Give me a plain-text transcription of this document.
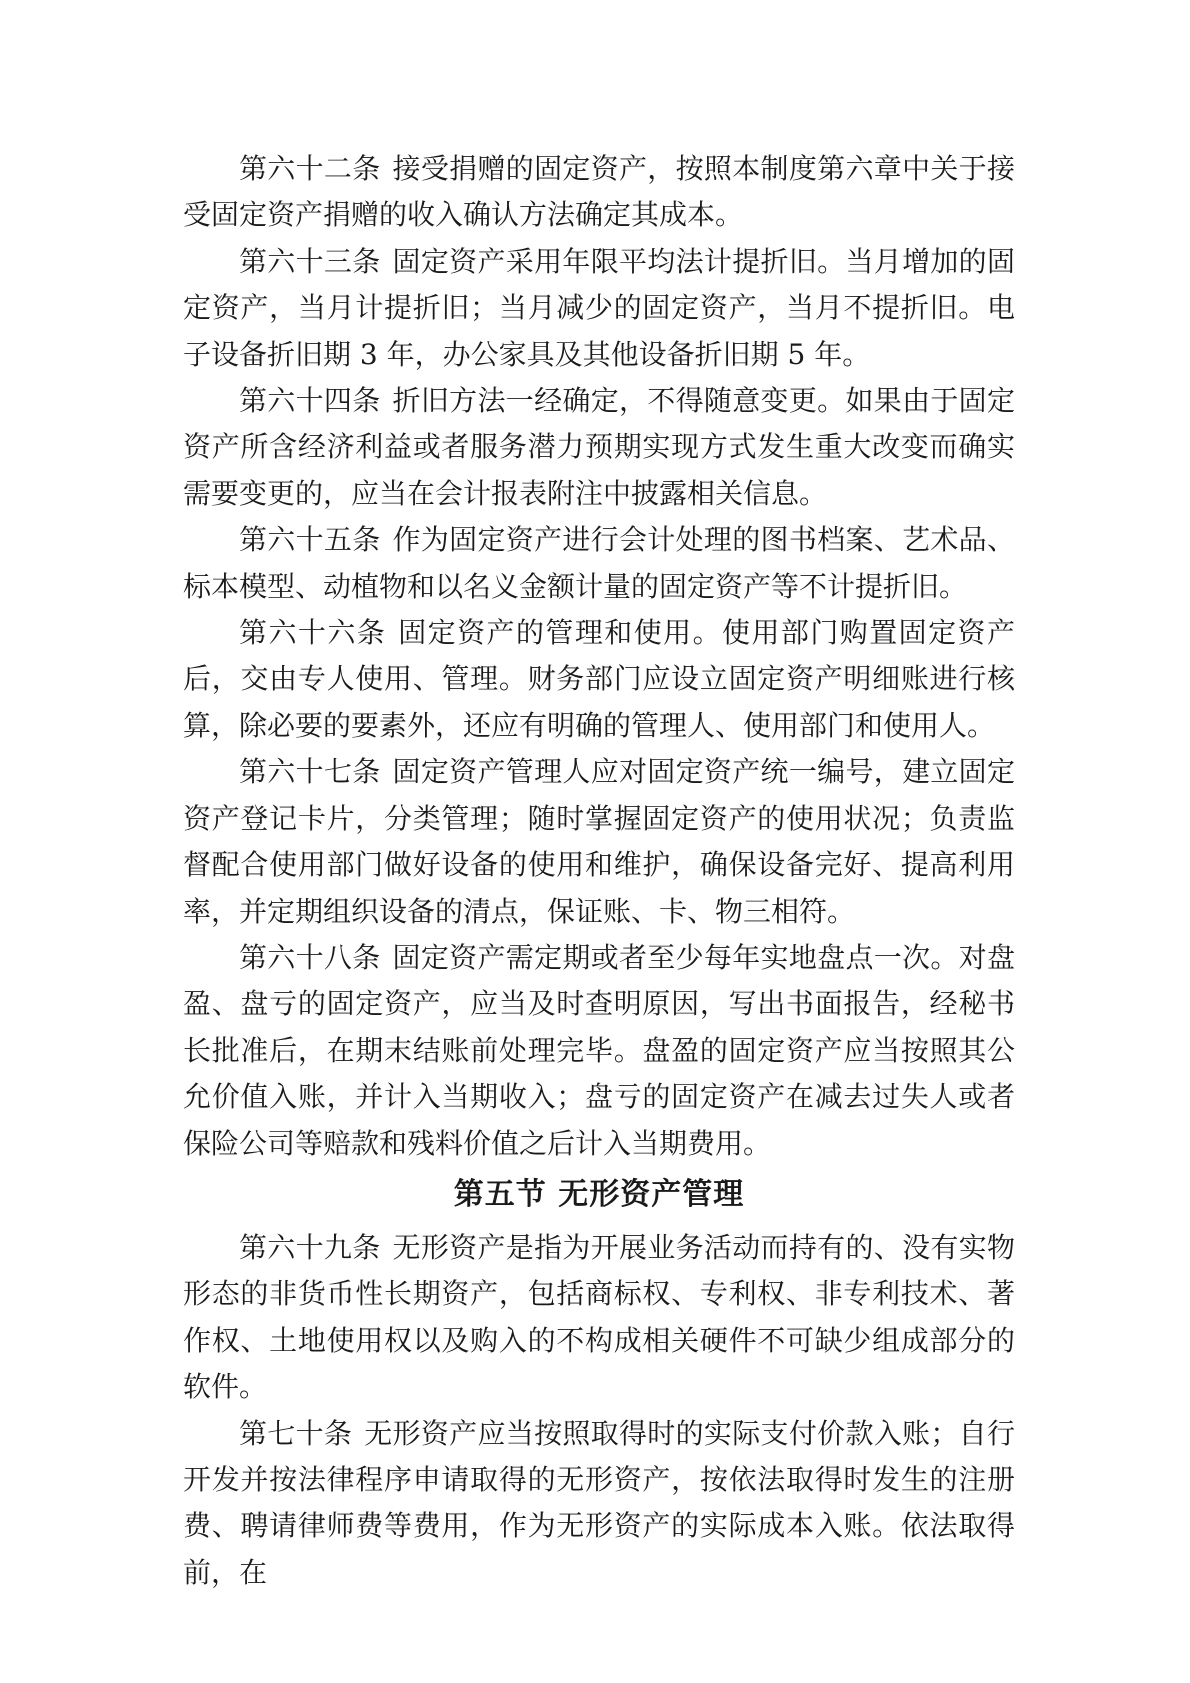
第六十二条 接受捐赠的固定资产，按照本制度第六章中关于接受固定资产捐赠的收入确认方法确定其成本。

第六十三条 固定资产采用年限平均法计提折旧。当月增加的固定资产，当月计提折旧；当月减少的固定资产，当月不提折旧。电子设备折旧期 3 年，办公家具及其他设备折旧期 5 年。

第六十四条 折旧方法一经确定，不得随意变更。如果由于固定资产所含经济利益或者服务潜力预期实现方式发生重大改变而确实需要变更的，应当在会计报表附注中披露相关信息。

第六十五条 作为固定资产进行会计处理的图书档案、艺术品、标本模型、动植物和以名义金额计量的固定资产等不计提折旧。

第六十六条 固定资产的管理和使用。使用部门购置固定资产后，交由专人使用、管理。财务部门应设立固定资产明细账进行核算，除必要的要素外，还应有明确的管理人、使用部门和使用人。

第六十七条 固定资产管理人应对固定资产统一编号，建立固定资产登记卡片，分类管理；随时掌握固定资产的使用状况；负责监督配合使用部门做好设备的使用和维护，确保设备完好、提高利用率，并定期组织设备的清点，保证账、卡、物三相符。

第六十八条 固定资产需定期或者至少每年实地盘点一次。对盘盈、盘亏的固定资产，应当及时查明原因，写出书面报告，经秘书长批准后，在期末结账前处理完毕。盘盈的固定资产应当按照其公允价值入账，并计入当期收入；盘亏的固定资产在减去过失人或者保险公司等赔款和残料价值之后计入当期费用。

第五节 无形资产管理

第六十九条 无形资产是指为开展业务活动而持有的、没有实物形态的非货币性长期资产，包括商标权、专利权、非专利技术、著作权、土地使用权以及购入的不构成相关硬件不可缺少组成部分的软件。

第七十条 无形资产应当按照取得时的实际支付价款入账；自行开发并按法律程序申请取得的无形资产，按依法取得时发生的注册费、聘请律师费等费用，作为无形资产的实际成本入账。依法取得前，在
